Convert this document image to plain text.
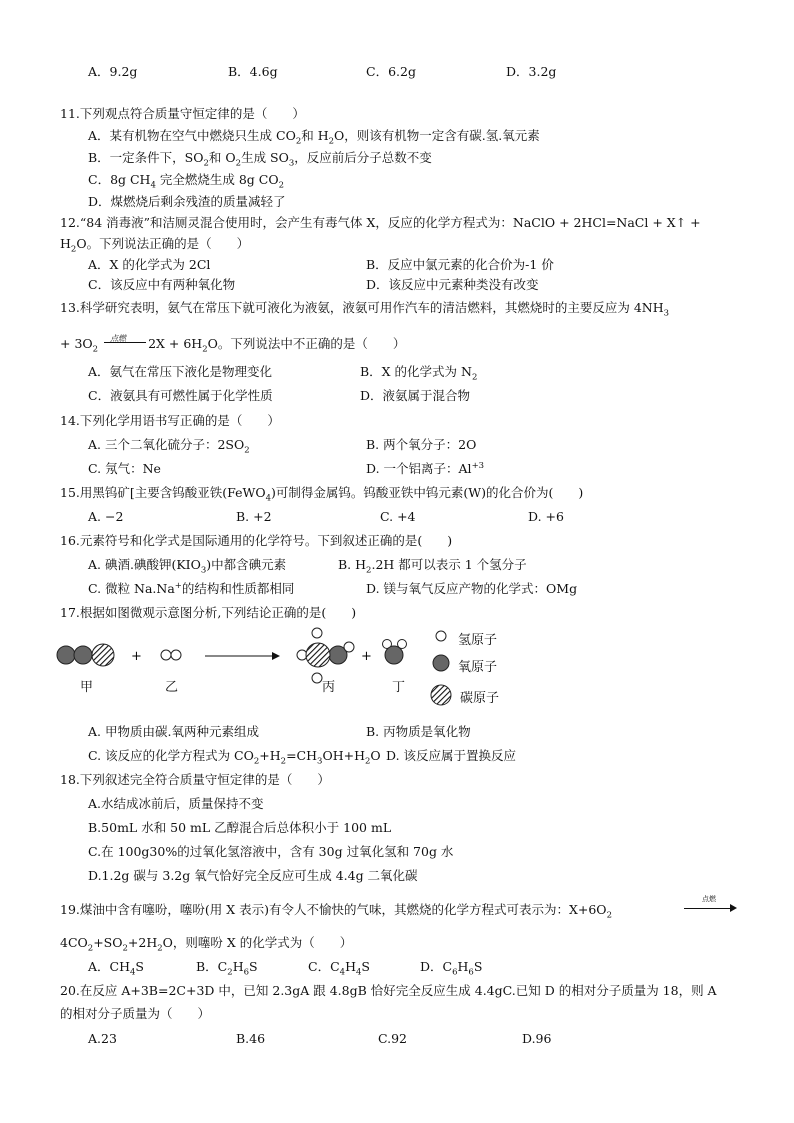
A．9.2g	B．4.6g	C．6.2g	D．3.2g
11.下列观点符合质量守恒定律的是（　　）
A．某有机物在空气中燃烧只生成 $CO_2$和 $H_2O$，则该有机物一定含有碳.氢.氧元素
B．一定条件下，$SO_2$和 $O_2$生成 $SO_3$，反应前后分子总数不变
C．8g $CH_4$ 完全燃烧生成 8g $CO_2$
D．煤燃烧后剩余残渣的质量减轻了
12.“84 消毒液”和洁厕灵混合使用时，会产生有毒气体 X，反应的化学方程式为：NaClO + 2HCl=NaCl + X↑ +
$H_2O$。下列说法正确的是（　　）
A．X 的化学式为 2Cl	B．反应中氯元素的化合价为-1 价
C．该反应中有两种氧化物	D．该反应中元素种类没有改变
13.科学研究表明，氨气在常压下就可液化为液氨，液氨可用作汽车的清洁燃料，其燃烧时的主要反应为 $4NH_3$
+ $3O_2$
点燃 $2X + 6H_2O$。下列说法中不正确的是（　　）
A．氨气在常压下液化是物理变化	B．X 的化学式为 $N_2$
C．液氨具有可燃性属于化学性质	D．液氨属于混合物
14.下列化学用语书写正确的是（　　）
A. 三个二氧化硫分子：$2SO_2$	B. 两个氧分子：2O
C. 氖气：Ne	D. 一个铝离子：$Al^{+3}$
15.用黑钨矿[主要含钨酸亚铁(FeWO$_4$)可制得金属钨。钨酸亚铁中钨元素(W)的化合价为(　　)
A. −2	B. +2	C. +4	D. +6
16.元素符号和化学式是国际通用的化学符号。下到叙述正确的是(　　)
A. 碘酒.碘酸钾$(KIO_3)$中都含碘元素	B. $H_2.2H$ 都可以表示 1 个氢分子
C. 微粒 Na.Na+的结构和性质都相同	D. 镁与氧气反应产物的化学式：OMg
17.根据如图微观示意图分析,下列结论正确的是(　　)
+	+
氢原子
氧原子
碳原子
甲	乙	丙	丁
A. 甲物质由碳.氧两种元素组成	B. 丙物质是氧化物
C. 该反应的化学方程式为 $CO_2+H_2=CH_3OH+H_2O$ D. 该反应属于置换反应
18.下列叙述完全符合质量守恒定律的是（　　）
A.水结成冰前后，质量保持不变
B.50mL 水和 50 mL 乙醇混合后总体积小于 100 mL
C.在 100g30%的过氧化氢溶液中，含有 30g 过氧化氢和 70g 水
D.1.2g 碳与 3.2g 氧气恰好完全反应可生成 4.4g 二氧化碳
19.煤油中含有噻吩，噻吩(用 X 表示)有令人不愉快的气味，其燃烧的化学方程式可表示为：$X+6O_2$
点燃
$4CO_2+SO_2+2H_2O$，则噻吩 X 的化学式为（　　）
A．$CH_4S$	B．$C_2H_6S$	C．$C_4H_4S$	D．$C_6H_6S$
20.在反应 A+3B=2C+3D 中，已知 2.3gA 跟 4.8gB 恰好完全反应生成 4.4gC.已知 D 的相对分子质量为 18，则 A
的相对分子质量为（　　）
A.23	B.46	C.92	D.96
